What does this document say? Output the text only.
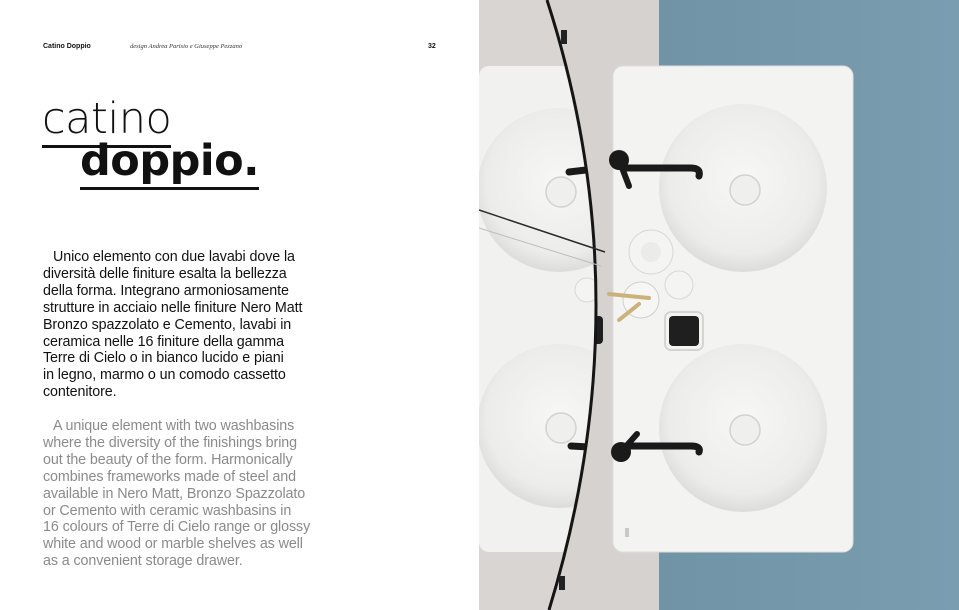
Catino Doppio	design Andrea Parisio e Giuseppe Pezzano	32
catino
doppio.
Unico elemento con due lavabi dove la
diversità delle finiture esalta la bellezza
della forma. Integrano armoniosamente
strutture in acciaio nelle finiture Nero Matt
Bronzo spazzolato e Cemento, lavabi in
ceramica nelle 16 finiture della gamma
Terre di Cielo o in bianco lucido e piani
in legno, marmo o un comodo cassetto
contenitore.
A unique element with two washbasins
where the diversity of the finishings bring
out the beauty of the form. Harmonically
combines frameworks made of steel and
available in Nero Matt, Bronzo Spazzolato
or Cemento with ceramic washbasins in
16 colours of Terre di Cielo range or glossy
white and wood or marble shelves as well
as a convenient storage drawer.
